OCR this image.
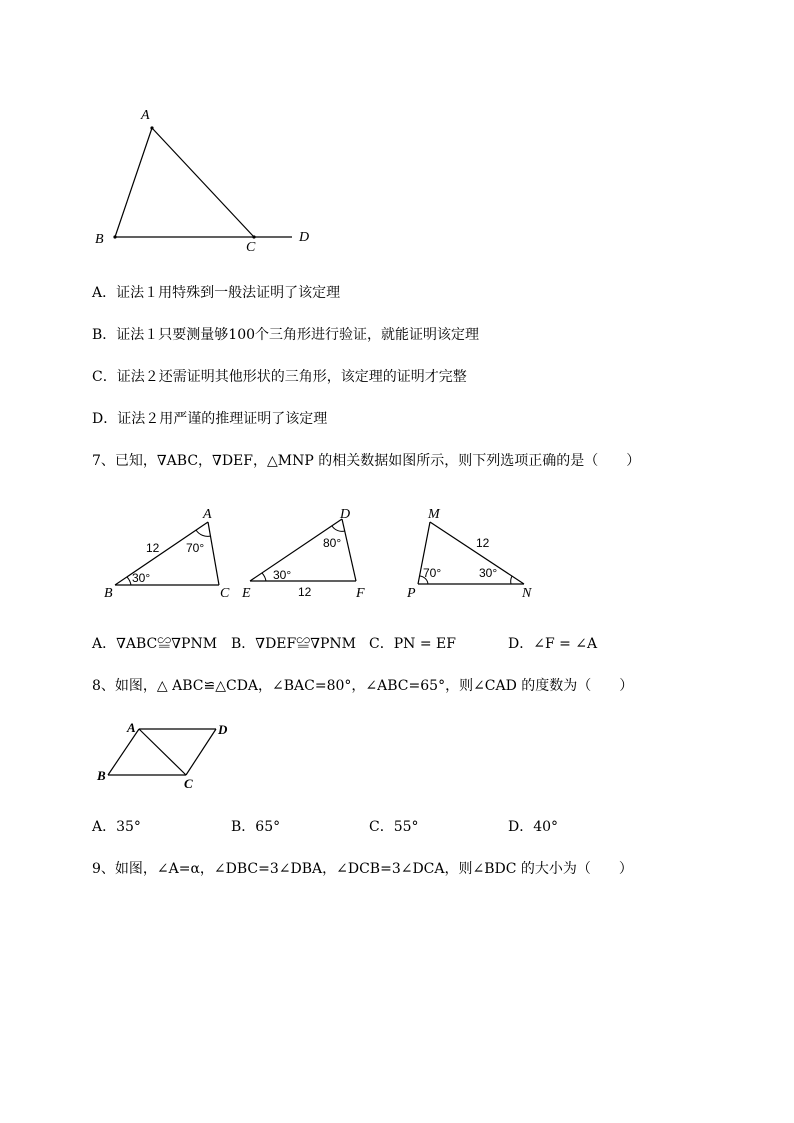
A
B
C
D
A．证法１用特殊到一般法证明了该定理
B．证法１只要测量够100个三角形进行验证，就能证明该定理
C．证法２还需证明其他形状的三角形，该定理的证明才完整
D．证法２用严谨的推理证明了该定理
7、已知，∇ABC，∇DEF，△MNP 的相关数据如图所示，则下列选项正确的是（　　）
A
B	C
12 70°
30°
D
E	F
12
80°
30°
M
P	N
12
70°	30°
A．∇ABC≌∇PNM B．∇DEF≌∇PNM C．PN = EF	D．∠F = ∠A
8、如图，△ ABC≌△CDA，∠BAC=80°，∠ABC=65°，则∠CAD 的度数为（　　）
A
B
C
D
A．35°	B．65°	C．55°	D．40°
9、如图，∠A=α，∠DBC=3∠DBA，∠DCB=3∠DCA，则∠BDC 的大小为（　　）
